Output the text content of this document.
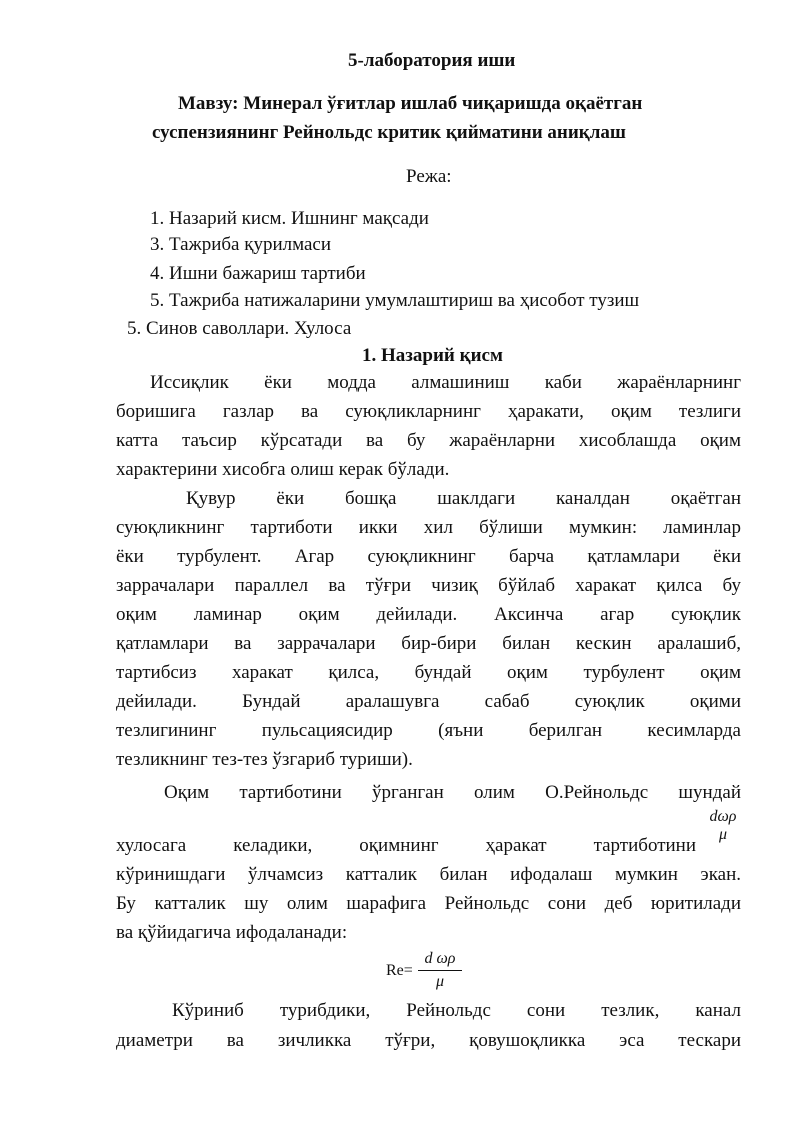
5-лаборатория иши
Мавзу: Минерал ўғитлар ишлаб чиқаришда оқаётган
суспензиянинг Рейнольдс критик қийматини аниқлаш
Режа:
1. Назарий кисм. Ишнинг мақсади
3. Тажриба қурилмаси
4. Ишни бажариш тартиби
5. Тажриба натижаларини умумлаштириш ва ҳисобот тузиш
5. Синов саволлари. Хулоса
1. Назарий қисм
Иссиқлик ёки модда алмашиниш каби жараёнларнинг
боришига газлар ва суюқликларнинг ҳаракати, оқим тезлиги
катта таъсир кўрсатади ва бу жараёнларни хисоблашда оқим
характерини хисобга олиш керак бўлади.
Қувур ёки бошқа шаклдаги каналдан оқаётган
суюқликнинг тартиботи икки хил бўлиши мумкин: ламинлар
ёки турбулент. Агар суюқликнинг барча қатламлари ёки
заррачалари параллел ва тўғри чизиқ бўйлаб харакат қилса бу
оқим ламинар оқим дейилади. Аксинча агар суюқлик
қатламлари ва заррачалари бир-бири билан кескин аралашиб,
тартибсиз харакат қилса, бундай оқим турбулент оқим
дейилади. Бундай аралашувга сабаб суюқлик оқими
тезлигининг пульсациясидир (яъни берилган кесимларда
тезликнинг тез-тез ўзгариб туриши).
Оқим тартиботини ўрганган олим О.Рейнольдс шундай
dωρ
μ
хулосага келадики, оқимнинг ҳаракат тартиботини
кўринишдаги ўлчамсиз катталик билан ифодалаш мумкин экан.
Бу катталик шу олим шарафига Рейнольдс сони деб юритилади
ва қўйидагича ифодаланади:
Re=
d ωρ
μ
Кўриниб турибдики, Рейнольдс сони тезлик, канал
диаметри ва зичликка тўғри, қовушоқликка эса тескари
